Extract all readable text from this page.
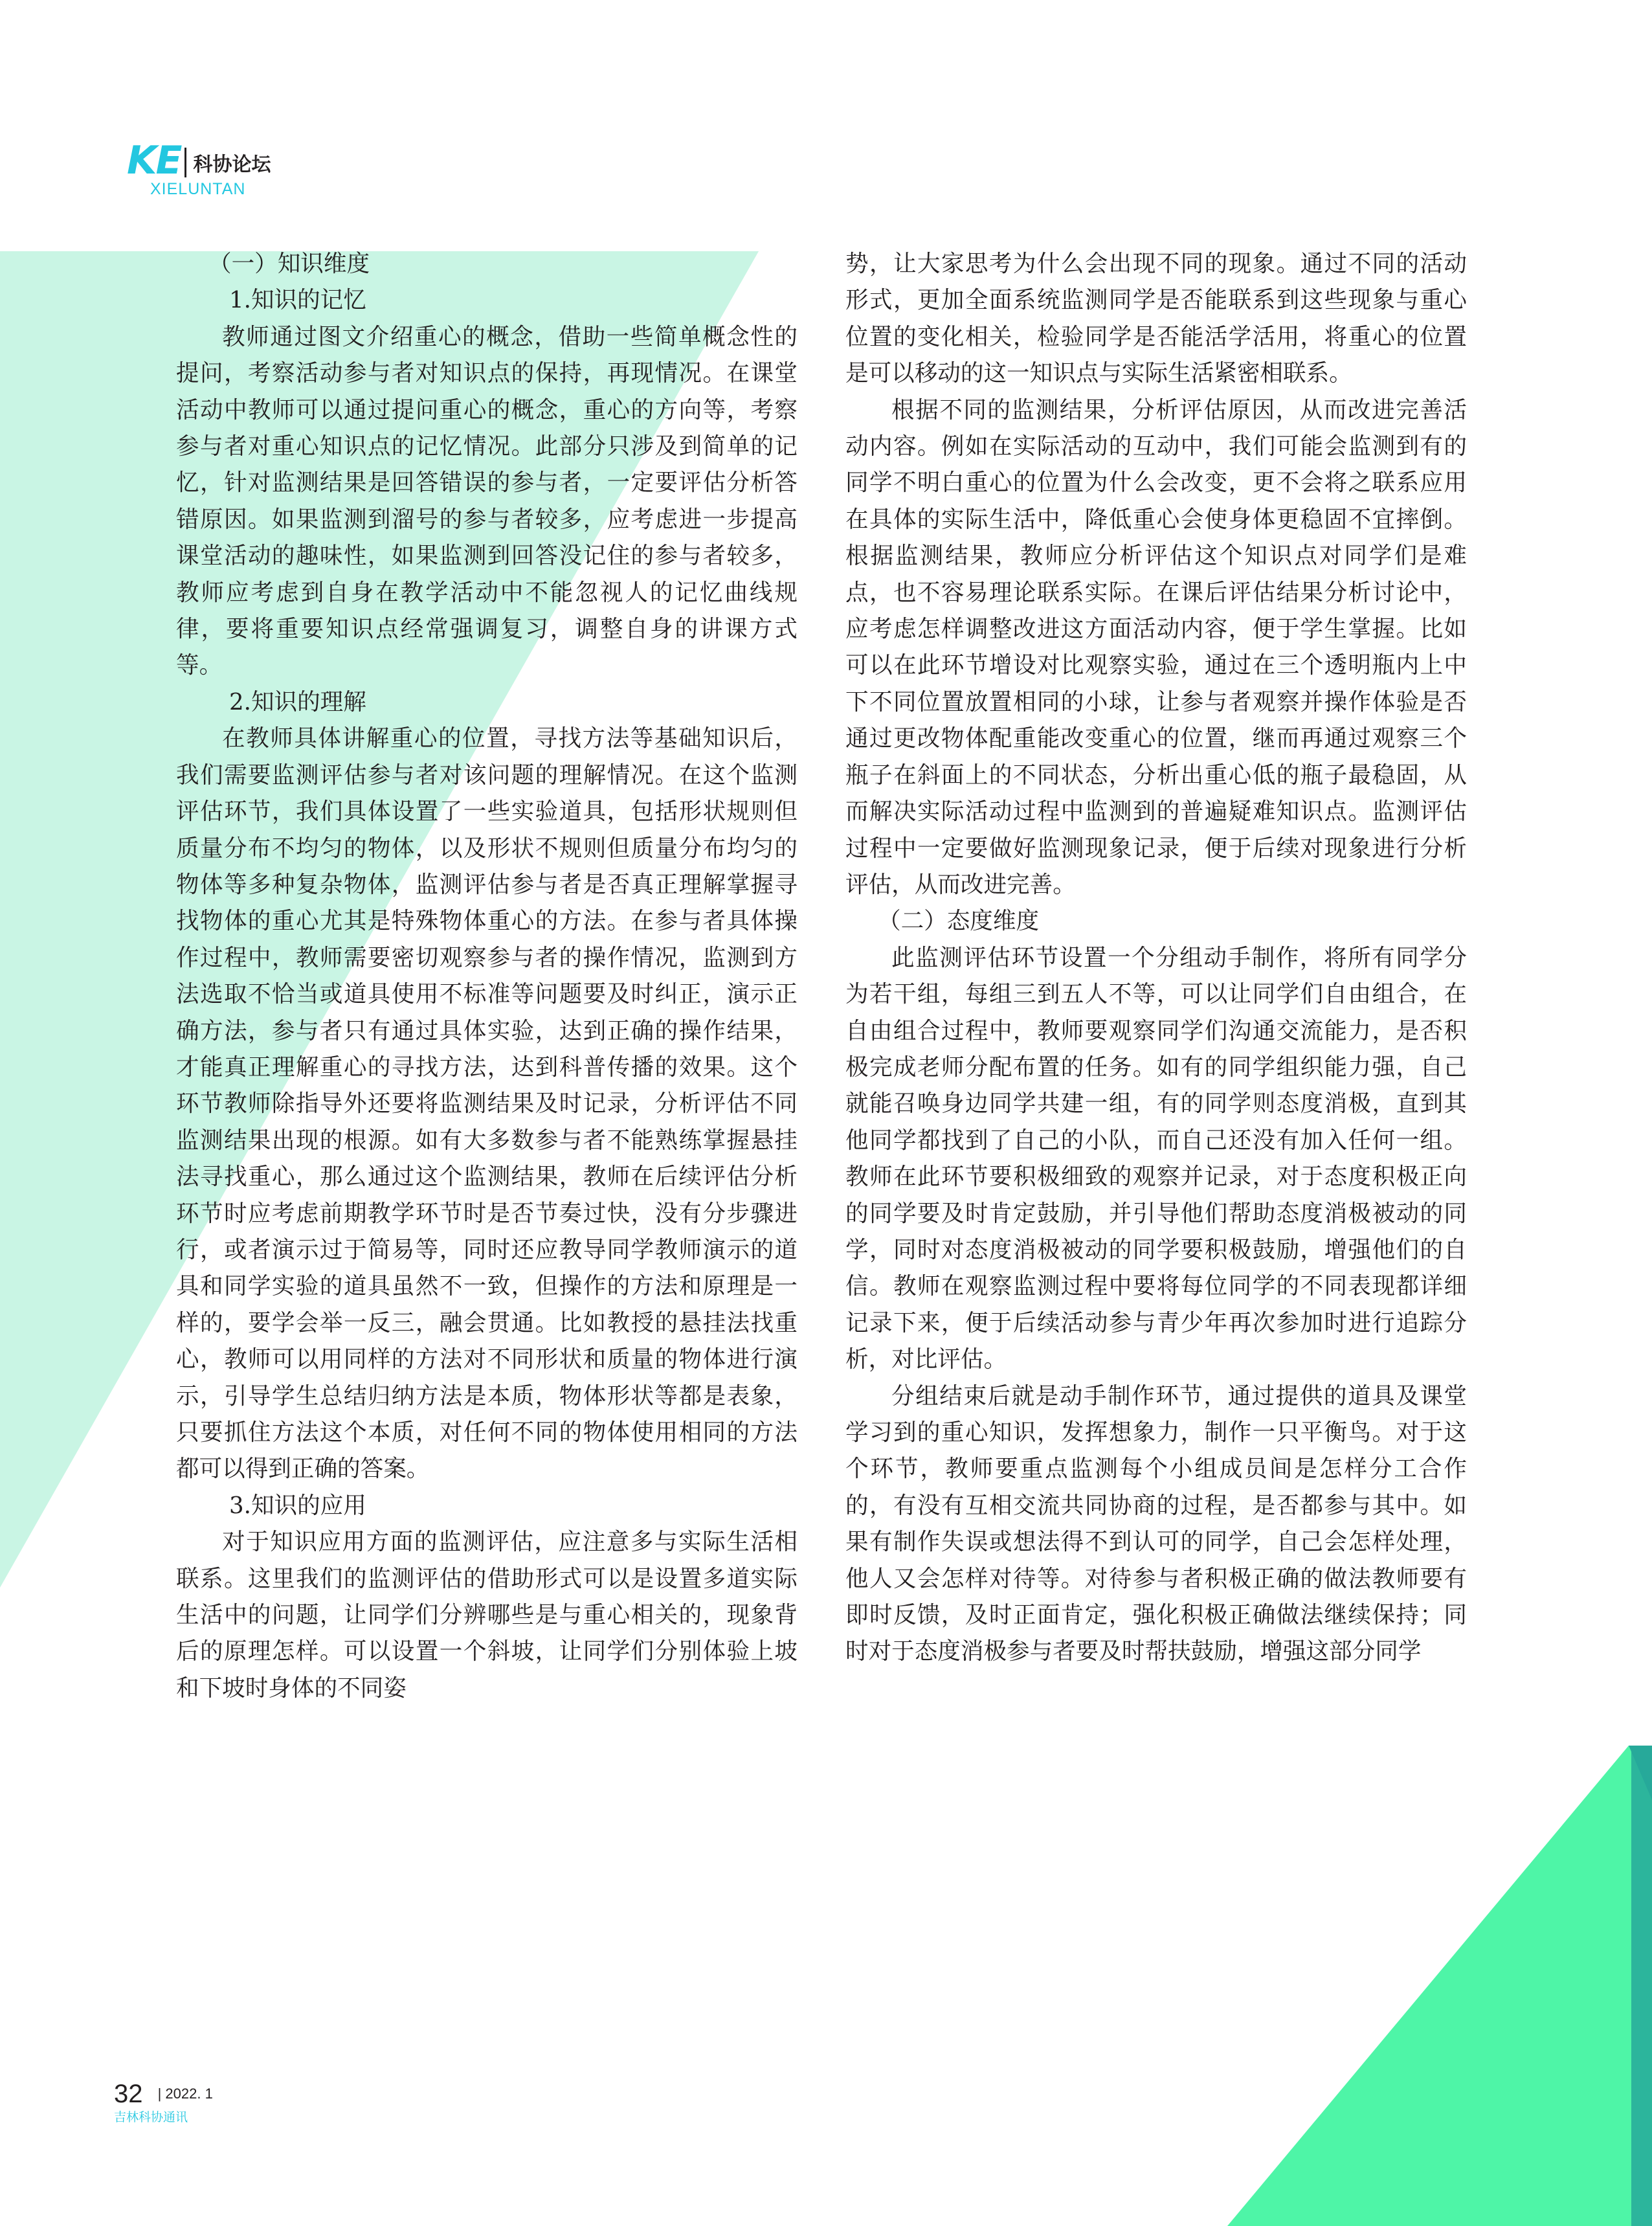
KE 科协论坛
XIELUNTAN

（一）知识维度

1.知识的记忆

教师通过图文介绍重心的概念，借助一些简单概念性的提问，考察活动参与者对知识点的保持，再现情况。在课堂活动中教师可以通过提问重心的概念，重心的方向等，考察参与者对重心知识点的记忆情况。此部分只涉及到简单的记忆，针对监测结果是回答错误的参与者，一定要评估分析答错原因。如果监测到溜号的参与者较多，应考虑进一步提高课堂活动的趣味性，如果监测到回答没记住的参与者较多，教师应考虑到自身在教学活动中不能忽视人的记忆曲线规律，要将重要知识点经常强调复习，调整自身的讲课方式等。

2.知识的理解

在教师具体讲解重心的位置，寻找方法等基础知识后，我们需要监测评估参与者对该问题的理解情况。在这个监测评估环节，我们具体设置了一些实验道具，包括形状规则但质量分布不均匀的物体，以及形状不规则但质量分布均匀的物体等多种复杂物体，监测评估参与者是否真正理解掌握寻找物体的重心尤其是特殊物体重心的方法。在参与者具体操作过程中，教师需要密切观察参与者的操作情况，监测到方法选取不恰当或道具使用不标准等问题要及时纠正，演示正确方法，参与者只有通过具体实验，达到正确的操作结果，才能真正理解重心的寻找方法，达到科普传播的效果。这个环节教师除指导外还要将监测结果及时记录，分析评估不同监测结果出现的根源。如有大多数参与者不能熟练掌握悬挂法寻找重心，那么通过这个监测结果，教师在后续评估分析环节时应考虑前期教学环节时是否节奏过快，没有分步骤进行，或者演示过于简易等，同时还应教导同学教师演示的道具和同学实验的道具虽然不一致，但操作的方法和原理是一样的，要学会举一反三，融会贯通。比如教授的悬挂法找重心，教师可以用同样的方法对不同形状和质量的物体进行演示，引导学生总结归纳方法是本质，物体形状等都是表象，只要抓住方法这个本质，对任何不同的物体使用相同的方法都可以得到正确的答案。

3.知识的应用

对于知识应用方面的监测评估，应注意多与实际生活相联系。这里我们的监测评估的借助形式可以是设置多道实际生活中的问题，让同学们分辨哪些是与重心相关的，现象背后的原理怎样。可以设置一个斜坡，让同学们分别体验上坡和下坡时身体的不同姿

势，让大家思考为什么会出现不同的现象。通过不同的活动形式，更加全面系统监测同学是否能联系到这些现象与重心位置的变化相关，检验同学是否能活学活用，将重心的位置是可以移动的这一知识点与实际生活紧密相联系。

根据不同的监测结果，分析评估原因，从而改进完善活动内容。例如在实际活动的互动中，我们可能会监测到有的同学不明白重心的位置为什么会改变，更不会将之联系应用在具体的实际生活中，降低重心会使身体更稳固不宜摔倒。根据监测结果，教师应分析评估这个知识点对同学们是难点，也不容易理论联系实际。在课后评估结果分析讨论中，应考虑怎样调整改进这方面活动内容，便于学生掌握。比如可以在此环节增设对比观察实验，通过在三个透明瓶内上中下不同位置放置相同的小球，让参与者观察并操作体验是否通过更改物体配重能改变重心的位置，继而再通过观察三个瓶子在斜面上的不同状态，分析出重心低的瓶子最稳固，从而解决实际活动过程中监测到的普遍疑难知识点。监测评估过程中一定要做好监测现象记录，便于后续对现象进行分析评估，从而改进完善。

（二）态度维度

此监测评估环节设置一个分组动手制作，将所有同学分为若干组，每组三到五人不等，可以让同学们自由组合，在自由组合过程中，教师要观察同学们沟通交流能力，是否积极完成老师分配布置的任务。如有的同学组织能力强，自己就能召唤身边同学共建一组，有的同学则态度消极，直到其他同学都找到了自己的小队，而自己还没有加入任何一组。教师在此环节要积极细致的观察并记录，对于态度积极正向的同学要及时肯定鼓励，并引导他们帮助态度消极被动的同学，同时对态度消极被动的同学要积极鼓励，增强他们的自信。教师在观察监测过程中要将每位同学的不同表现都详细记录下来，便于后续活动参与青少年再次参加时进行追踪分析，对比评估。

分组结束后就是动手制作环节，通过提供的道具及课堂学习到的重心知识，发挥想象力，制作一只平衡鸟。对于这个环节，教师要重点监测每个小组成员间是怎样分工合作的，有没有互相交流共同协商的过程，是否都参与其中。如果有制作失误或想法得不到认可的同学，自己会怎样处理，他人又会怎样对待等。对待参与者积极正确的做法教师要有即时反馈，及时正面肯定，强化积极正确做法继续保持；同时对于态度消极参与者要及时帮扶鼓励，增强这部分同学

32 | 2022. 1
吉林科协通讯
